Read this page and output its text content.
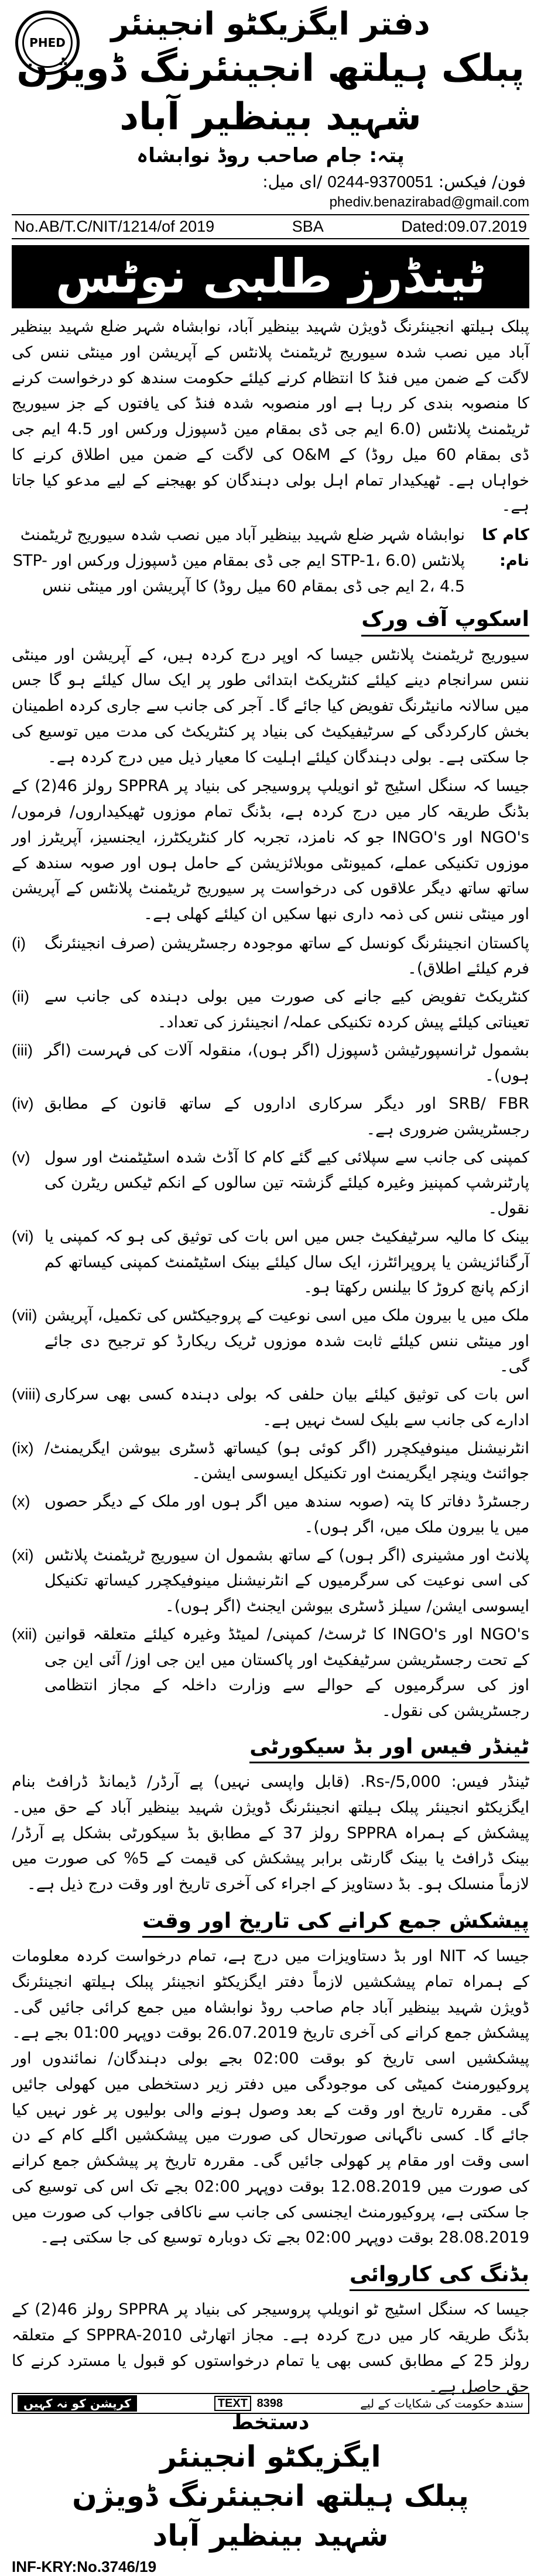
PHED
دفتر ایگزیکٹو انجینئر
پبلک ہیلتھ انجینئرنگ ڈویژن شہید بینظیر آباد
پتہ: جام صاحب روڈ نوابشاہ
فون/ فیکس: 0244-9370051 /ای میل:
phediv.benazirabad@gmail.com
No.AB/T.C/NIT/1214/of 2019	SBA	Dated:09.07.2019
ٹینڈرز طلبی نوٹس

پبلک ہیلتھ انجینئرنگ ڈویژن شہید بینظیر آباد، نوابشاہ شہر ضلع شہید بینظیر آباد میں نصب شدہ سیوریج ٹریٹمنٹ پلانٹس کے آپریشن اور مینٹی ننس کی لاگت کے ضمن میں فنڈ کا انتظام کرنے کیلئے حکومت سندھ کو درخواست کرنے کا منصوبہ بندی کر رہا ہے اور منصوبہ شدہ فنڈ کی یافتوں کے جز سیوریج ٹریٹمنٹ پلانٹس (6.0 ایم جی ڈی بمقام مین ڈسپوزل ورکس اور 4.5 ایم جی ڈی بمقام 60 میل روڈ) کے O&M کی لاگت کے ضمن میں اطلاق کرنے کا خواہاں ہے۔ ٹھیکیدار تمام اہل بولی دہندگان کو بھیجنے کے لیے مدعو کیا جاتا ہے۔

کام کا نام:
نوابشاہ شہر ضلع شہید بینظیر آباد میں نصب شدہ سیوریج ٹریٹمنٹ پلانٹس (STP-1، 6.0 ایم جی ڈی بمقام مین ڈسپوزل ورکس اور STP-2، 4.5 ایم جی ڈی بمقام 60 میل روڈ) کا آپریشن اور مینٹی ننس
اسکوپ آف ورک

سیوریج ٹریٹمنٹ پلانٹس جیسا کہ اوپر درج کردہ ہیں، کے آپریشن اور مینٹی ننس سرانجام دینے کیلئے کنٹریکٹ ابتدائی طور پر ایک سال کیلئے ہو گا جس میں سالانہ مانیٹرنگ تفویض کیا جائے گا۔ آجر کی جانب سے جاری کردہ اطمینان بخش کارکردگی کے سرٹیفیکیٹ کی بنیاد پر کنٹریکٹ کی مدت میں توسیع کی جا سکتی ہے۔ بولی دہندگان کیلئے اہلیت کا معیار ذیل میں درج کردہ ہے۔

جیسا کہ سنگل اسٹیج ٹو انویلپ پروسیجر کی بنیاد پر SPPRA رولز 46(2) کے بڈنگ طریقہ کار میں درج کردہ ہے، بڈنگ تمام موزوں ٹھیکیداروں/ فرموں/ NGO's اور INGO's جو کہ نامزد، تجربہ کار کنٹریکٹرز، ایجنسیز، آپریٹرز اور موزوں تکنیکی عملے، کمیونٹی موبلائزیشن کے حامل ہوں اور صوبہ سندھ کے ساتھ ساتھ دیگر علاقوں کی درخواست پر سیوریج ٹریٹمنٹ پلانٹس کے آپریشن اور مینٹی ننس کی ذمہ داری نبھا سکیں ان کیلئے کھلی ہے۔

پاکستان انجینئرنگ کونسل کے ساتھ موجودہ رجسٹریشن (صرف انجینئرنگ فرم کیلئے اطلاق)۔
(i)
کنٹریکٹ تفویض کیے جانے کی صورت میں بولی دہندہ کی جانب سے تعیناتی کیلئے پیش کردہ تکنیکی عملہ/ انجینئرز کی تعداد۔
(ii)
بشمول ٹرانسپورٹیشن ڈسپوزل (اگر ہوں)، منقولہ آلات کی فہرست (اگر ہوں)۔
(iii)
SRB/ FBR اور دیگر سرکاری اداروں کے ساتھ قانون کے مطابق رجسٹریشن ضروری ہے۔
(iv)
کمپنی کی جانب سے سپلائی کیے گئے کام کا آڈٹ شدہ اسٹیٹمنٹ اور سول پارٹنرشپ کمپنیز وغیرہ کیلئے گزشتہ تین سالوں کے انکم ٹیکس ریٹرن کی نقول۔
(v)
بینک کا مالیہ سرٹیفکیٹ جس میں اس بات کی توثیق کی ہو کہ کمپنی یا آرگنائزیشن یا پروپرائٹرز، ایک سال کیلئے بینک اسٹیٹمنٹ کمپنی کیساتھ کم ازکم پانچ کروڑ کا بیلنس رکھتا ہو۔
(vi)
ملک میں یا بیرون ملک میں اسی نوعیت کے پروجیکٹس کی تکمیل، آپریشن اور مینٹی ننس کیلئے ثابت شدہ موزوں ٹریک ریکارڈ کو ترجیح دی جائے گی۔
(vii)
اس بات کی توثیق کیلئے بیان حلفی کہ بولی دہندہ کسی بھی سرکاری ادارے کی جانب سے بلیک لسٹ نہیں ہے۔
(viii)
انٹرنیشنل مینوفیکچرر (اگر کوئی ہو) کیساتھ ڈسٹری بیوشن ایگریمنٹ/ جوائنٹ وینچر ایگریمنٹ اور تکنیکل ایسوسی ایشن۔
(ix)
رجسٹرڈ دفاتر کا پتہ (صوبہ سندھ میں اگر ہوں اور ملک کے دیگر حصوں میں یا بیرون ملک میں، اگر ہوں)۔
(x)
پلانٹ اور مشینری (اگر ہوں) کے ساتھ بشمول ان سیوریج ٹریٹمنٹ پلانٹس کی اسی نوعیت کی سرگرمیوں کے انٹرنیشنل مینوفیکچرر کیساتھ تکنیکل ایسوسی ایشن/ سیلز ڈسٹری بیوشن ایجنٹ (اگر ہوں)۔
(xi)
NGO's اور INGO's کا ٹرسٹ/ کمپنی/ لمیٹڈ وغیرہ کیلئے متعلقہ قوانین کے تحت رجسٹریشن سرٹیفکیٹ اور پاکستان میں این جی اوز/ آئی این جی اوز کی سرگرمیوں کے حوالے سے وزارت داخلہ کے مجاز انتظامی رجسٹریشن کی نقول۔
(xii)
ٹینڈر فیس اور بڈ سیکورٹی

ٹینڈر فیس: 5,000/-Rs. (قابل واپسی نہیں) پے آرڈر/ ڈیمانڈ ڈرافٹ بنام ایگزیکٹو انجینئر پبلک ہیلتھ انجینئرنگ ڈویژن شہید بینظیر آباد کے حق میں۔ پیشکش کے ہمراہ SPPRA رولز 37 کے مطابق بڈ سیکورٹی بشکل پے آرڈر/ بینک ڈرافٹ یا بینک گارنٹی برابر پیشکش کی قیمت کے 5% کی صورت میں لازماً منسلک ہو۔ بڈ دستاویز کے اجراء کی آخری تاریخ اور وقت درج ذیل ہے۔

پیشکش جمع کرانے کی تاریخ اور وقت

جیسا کہ NIT اور بڈ دستاویزات میں درج ہے، تمام درخواست کردہ معلومات کے ہمراہ تمام پیشکشیں لازماً دفتر ایگزیکٹو انجینئر پبلک ہیلتھ انجینئرنگ ڈویژن شہید بینظیر آباد جام صاحب روڈ نوابشاہ میں جمع کرائی جائیں گی۔ پیشکش جمع کرانے کی آخری تاریخ 26.07.2019 بوقت دوپہر 01:00 بجے ہے۔ پیشکشیں اسی تاریخ کو بوقت 02:00 بجے بولی دہندگان/ نمائندوں اور پروکیورمنٹ کمیٹی کی موجودگی میں دفتر زیر دستخطی میں کھولی جائیں گی۔ مقررہ تاریخ اور وقت کے بعد وصول ہونے والی بولیوں پر غور نہیں کیا جائے گا۔ کسی ناگہانی صورتحال کی صورت میں پیشکشیں اگلے کام کے دن اسی وقت اور مقام پر کھولی جائیں گی۔ مقررہ تاریخ پر پیشکش جمع کرانے کی صورت میں 12.08.2019 بوقت دوپہر 02:00 بجے تک اس کی توسیع کی جا سکتی ہے، پروکیورمنٹ ایجنسی کی جانب سے ناکافی جواب کی صورت میں 28.08.2019 بوقت دوپہر 02:00 بجے تک دوبارہ توسیع کی جا سکتی ہے۔

بڈنگ کی کاروائی

جیسا کہ سنگل اسٹیج ٹو انویلپ پروسیجر کی بنیاد پر SPPRA رولز 46(2) کے بڈنگ طریقہ کار میں درج کردہ ہے۔ مجاز اتھارٹی SPPRA-2010 کے متعلقہ رولز 25 کے مطابق کسی بھی یا تمام درخواستوں کو قبول یا مسترد کرنے کا حق حاصل ہے۔

دستخط
ایگزیکٹو انجینئر
پبلک ہیلتھ انجینئرنگ ڈویژن
شہید بینظیر آباد
INF-KRY:No.3746/19
سندھ حکومت کی شکایات کے لیے
TEXT 8398
کرپشن کو نہ کہیں
